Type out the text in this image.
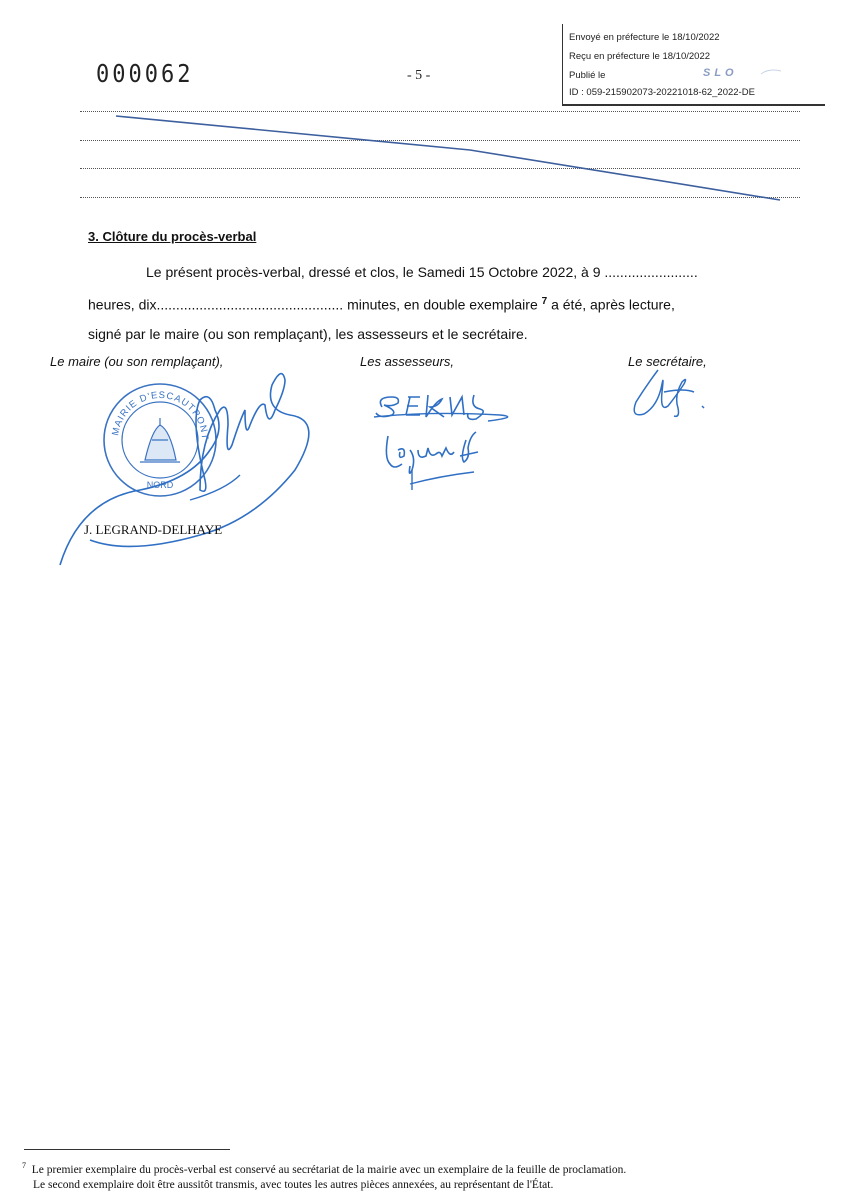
000062	- 5 -
Envoyé en préfecture le 18/10/2022
Reçu en préfecture le 18/10/2022
Publié le
ID : 059-215902073-20221018-62_2022-DE
SLO
3. Clôture du procès-verbal

Le présent procès-verbal, dressé et clos, le Samedi 15 Octobre 2022, à 9 ........................

heures, dix................................................ minutes, en double exemplaire $^7$ a été, après lecture,

signé par le maire (ou son remplaçant), les assesseurs et le secrétaire.

Le maire (ou son remplaçant),	Les assesseurs,	Le secrétaire,
MAIRIE D'ESCAUTPONT
NORD
J. LEGRAND-DELHAYE
$^7$ Le premier exemplaire du procès-verbal est conservé au secrétariat de la mairie avec un exemplaire de la feuille de proclamation.
Le second exemplaire doit être aussitôt transmis, avec toutes les autres pièces annexées, au représentant de l'État.
